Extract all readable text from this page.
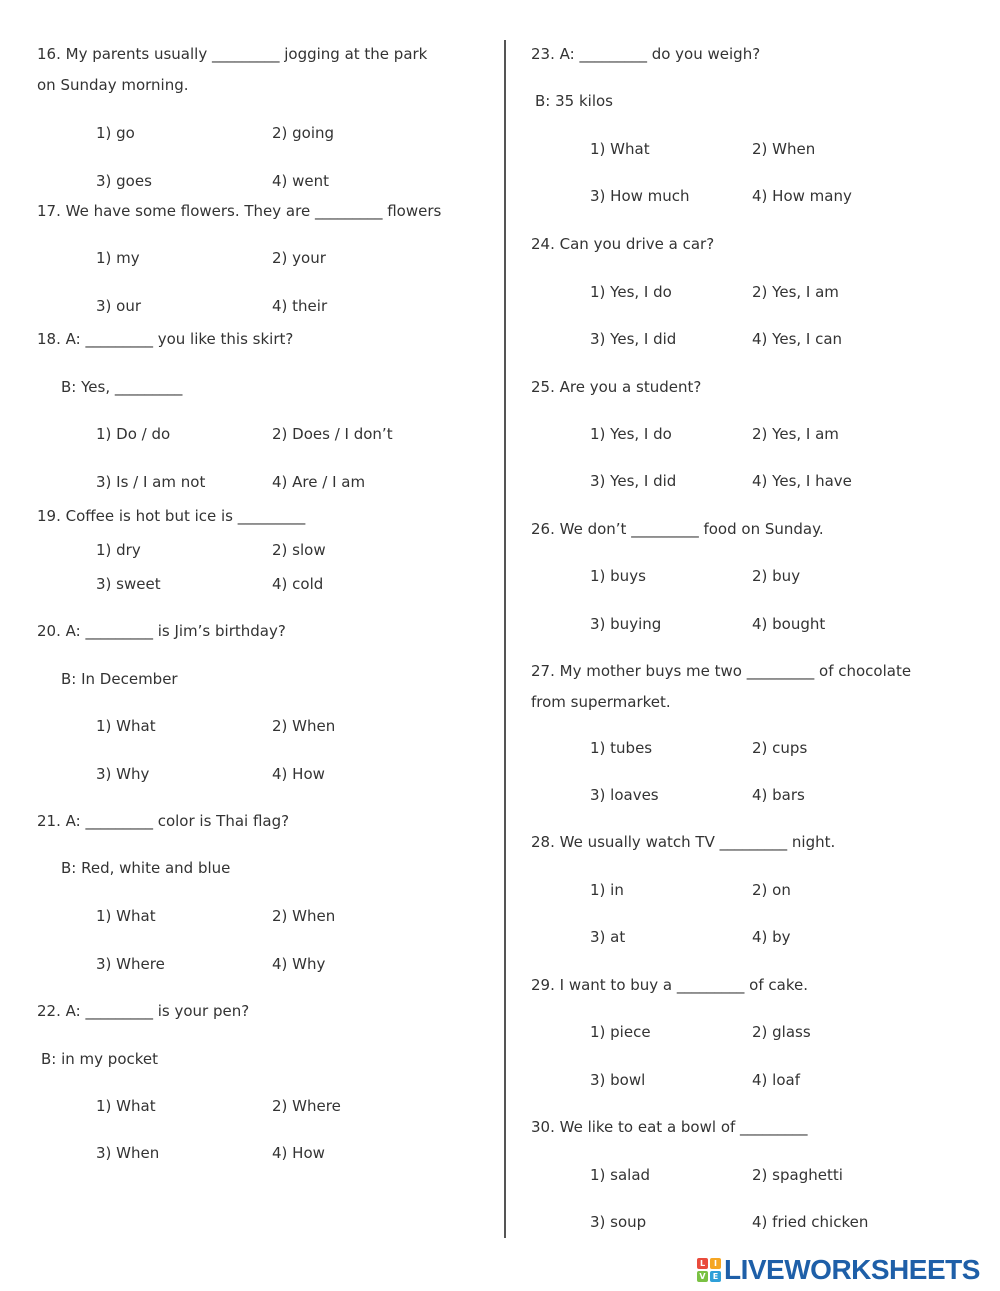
16. My parents usually _________ jogging at the park
on Sunday morning.
1) go	2) going
3) goes	4) went
17. We have some flowers. They are _________ flowers
1) my	2) your
3) our	4) their
18. A: _________ you like this skirt?
B: Yes, _________
1) Do / do	2) Does / I don’t
3) Is / I am not	4) Are / I am
19. Coffee is hot but ice is _________
1) dry	2) slow
3) sweet	4) cold
20. A: _________ is Jim’s birthday?
B: In December
1) What	2) When
3) Why	4) How
21. A: _________ color is Thai flag?
B: Red, white and blue
1) What	2) When
3) Where	4) Why
22. A: _________ is your pen?
B: in my pocket
1) What	2) Where
3) When	4) How
23. A: _________ do you weigh?
B: 35 kilos
1) What	2) When
3) How much	4) How many
24. Can you drive a car?
1) Yes, I do	2) Yes, I am
3) Yes, I did	4) Yes, I can
25. Are you a student?
1) Yes, I do	2) Yes, I am
3) Yes, I did	4) Yes, I have
26. We don’t _________ food on Sunday.
1) buys	2) buy
3) buying	4) bought
27. My mother buys me two _________ of chocolate
from supermarket.
1) tubes	2) cups
3) loaves	4) bars
28. We usually watch TV _________ night.
1) in	2) on
3) at	4) by
29. I want to buy a _________ of cake.
1) piece	2) glass
3) bowl	4) loaf
30. We like to eat a bowl of _________
1) salad	2) spaghetti
3) soup	4) fried chicken
L	I
V E LIVEWORKSHEETS
